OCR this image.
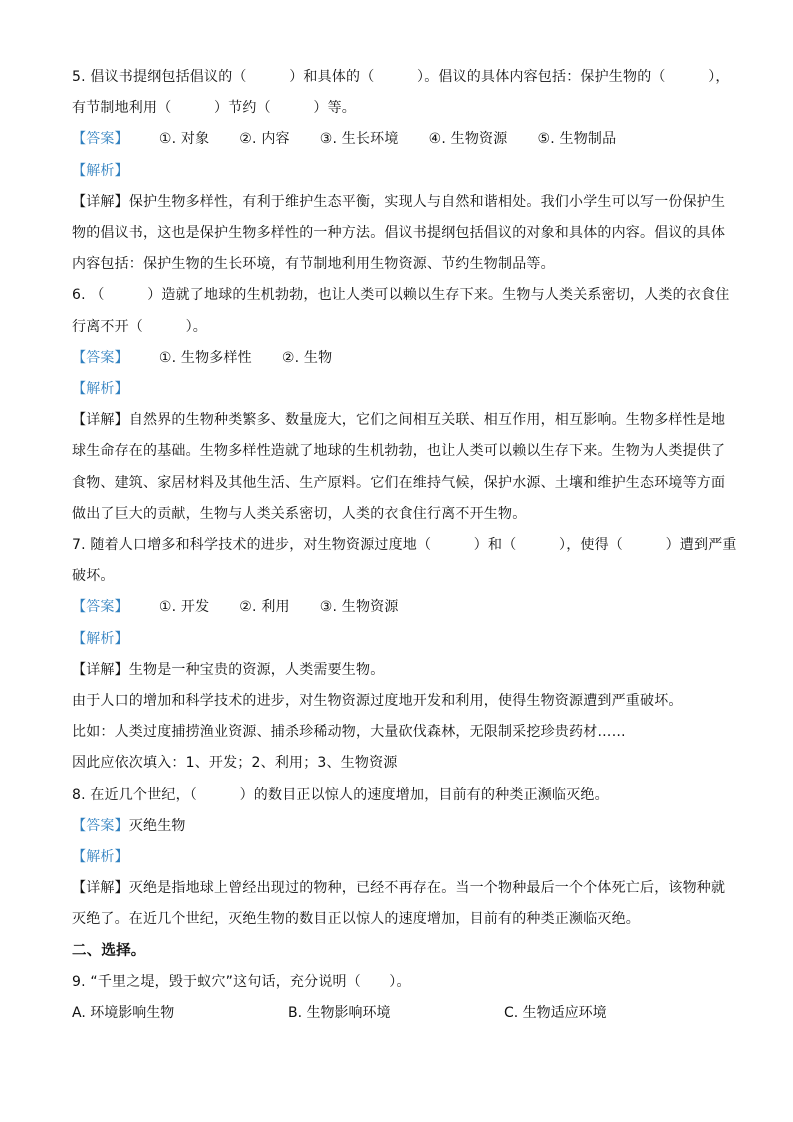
5. 倡议书提纲包括倡议的（　　　）和具体的（　　　）。倡议的具体内容包括：保护生物的（　　　），
有节制地利用（　　　）节约（　　　）等。
【答案】 ①. 对象 ②. 内容 ③. 生长环境 ④. 生物资源 ⑤. 生物制品
【解析】
【详解】保护生物多样性，有利于维护生态平衡，实现人与自然和谐相处。我们小学生可以写一份保护生
物的倡议书，这也是保护生物多样性的一种方法。倡议书提纲包括倡议的对象和具体的内容。倡议的具体
内容包括：保护生物的生长环境，有节制地利用生物资源、节约生物制品等。
6. （　　　）造就了地球的生机勃勃，也让人类可以赖以生存下来。生物与人类关系密切，人类的衣食住
行离不开（　　　）。
【答案】 ①. 生物多样性 ②. 生物
【解析】
【详解】自然界的生物种类繁多、数量庞大，它们之间相互关联、相互作用，相互影响。生物多样性是地
球生命存在的基础。生物多样性造就了地球的生机勃勃，也让人类可以赖以生存下来。生物为人类提供了
食物、建筑、家居材料及其他生活、生产原料。它们在维持气候，保护水源、土壤和维护生态环境等方面
做出了巨大的贡献，生物与人类关系密切，人类的衣食住行离不开生物。
7. 随着人口增多和科学技术的进步，对生物资源过度地（　　　）和（　　　），使得（　　　）遭到严重
破坏。
【答案】 ①. 开发 ②. 利用 ③. 生物资源
【解析】
【详解】生物是一种宝贵的资源，人类需要生物。
由于人口的增加和科学技术的进步，对生物资源过度地开发和利用，使得生物资源遭到严重破坏。
比如：人类过度捕捞渔业资源、捕杀珍稀动物，大量砍伐森林，无限制采挖珍贵药材……
因此应依次填入：1、开发；2、利用；3、生物资源
8. 在近几个世纪，（　　　）的数目正以惊人的速度增加，目前有的种类正濒临灭绝。
【答案】灭绝生物
【解析】
【详解】灭绝是指地球上曾经出现过的物种，已经不再存在。当一个物种最后一个个体死亡后，该物种就
灭绝了。在近几个世纪，灭绝生物的数目正以惊人的速度增加，目前有的种类正濒临灭绝。
二、选择。
9. “千里之堤，毁于蚁穴”这句话，充分说明（　　）。
A. 环境影响生物	B. 生物影响环境	C. 生物适应环境
